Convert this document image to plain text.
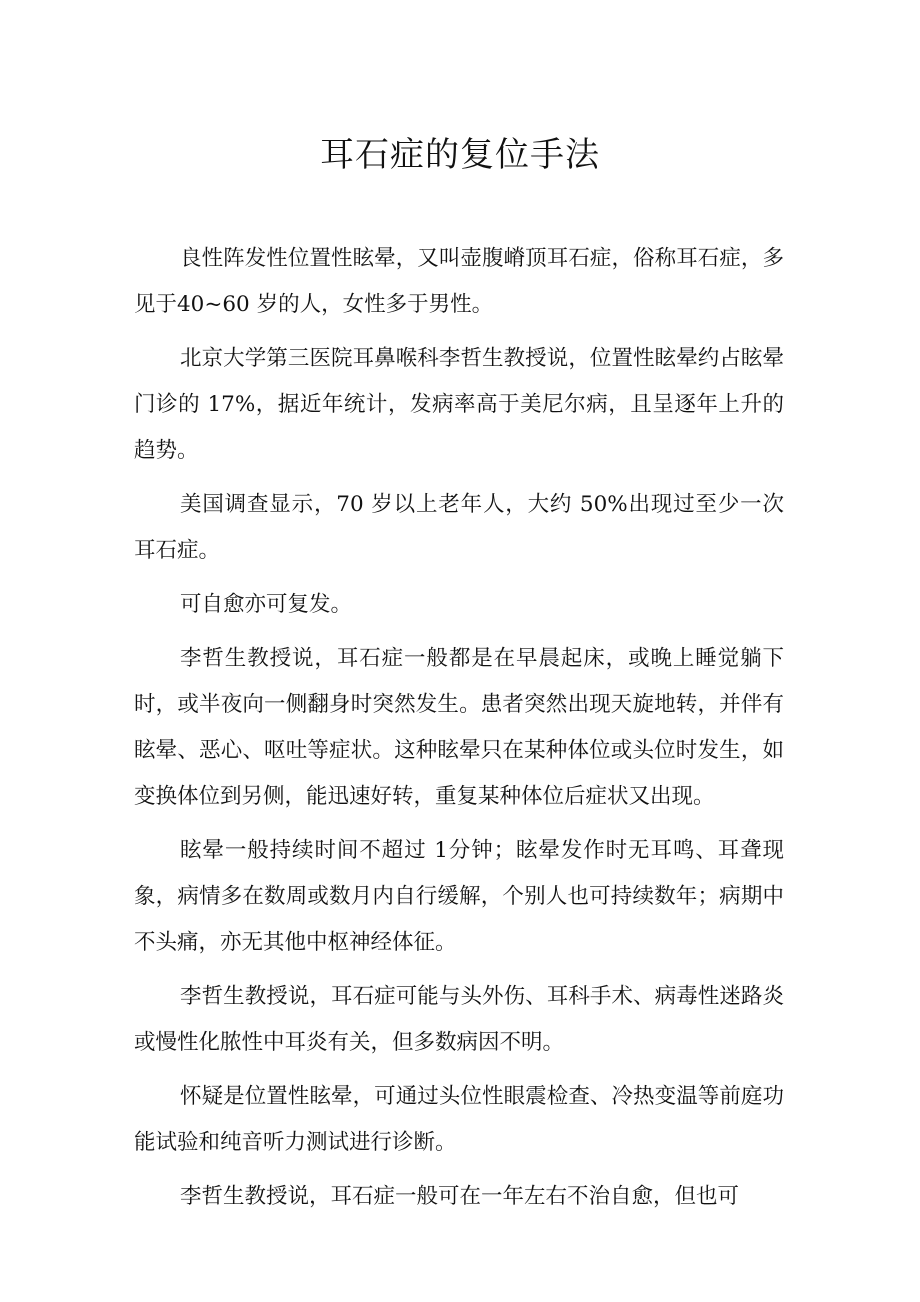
耳石症的复位手法

良性阵发性位置性眩晕，又叫壶腹嵴顶耳石症，俗称耳石症，多见于40~60 岁的人，女性多于男性。

北京大学第三医院耳鼻喉科李哲生教授说，位置性眩晕约占眩晕门诊的 17%，据近年统计，发病率高于美尼尔病，且呈逐年上升的趋势。

美国调查显示，70 岁以上老年人，大约 50%出现过至少一次耳石症。

可自愈亦可复发。

李哲生教授说，耳石症一般都是在早晨起床，或晚上睡觉躺下时，或半夜向一侧翻身时突然发生。患者突然出现天旋地转，并伴有眩晕、恶心、呕吐等症状。这种眩晕只在某种体位或头位时发生，如变换体位到另侧，能迅速好转，重复某种体位后症状又出现。

眩晕一般持续时间不超过 1分钟；眩晕发作时无耳鸣、耳聋现象，病情多在数周或数月内自行缓解，个别人也可持续数年；病期中不头痛，亦无其他中枢神经体征。

李哲生教授说，耳石症可能与头外伤、耳科手术、病毒性迷路炎或慢性化脓性中耳炎有关，但多数病因不明。

怀疑是位置性眩晕，可通过头位性眼震检查、冷热变温等前庭功能试验和纯音听力测试进行诊断。

李哲生教授说，耳石症一般可在一年左右不治自愈，但也可
